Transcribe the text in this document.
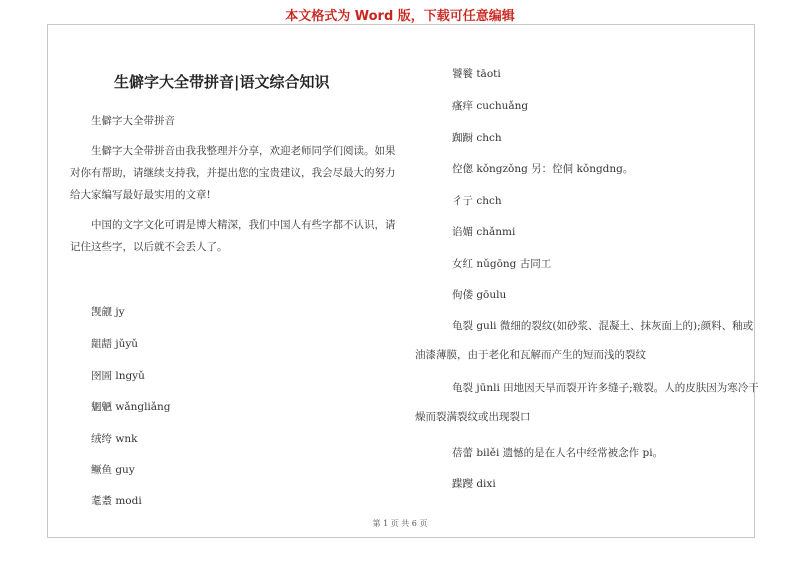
本文格式为 Word 版，下载可任意编辑
生僻字大全带拼音|语文综合知识

生僻字大全带拼音

生僻字大全带拼音由我我整理并分享，欢迎老师同学们阅读。如果对你有帮助，请继续支持我，并提出您的宝贵建议，我会尽最大的努力给大家编写最好最实用的文章!

中国的文字文化可谓是博大精深，我们中国人有些字都不认识，请记住这些字，以后就不会丢人了。

觊觎 jy
龃龉 jǔyǔ
囹圄 lngyǔ
魍魉 wǎngliǎng
绒绔 wnk
鳜鱼 guy
耄耋 modi
饕餮 tāoti
瘙痒 cuchuǎng
踟蹰 chch
倥偬 kǒngzǒng 另：倥侗 kǒngdng。
彳亍 chch
谄媚 chǎnmi
女红 nǔgōng 古同工
佝偻 gōulu
龟裂 guli 微细的裂纹(如砂浆、混凝土、抹灰面上的);颜料、釉或油漆薄膜，由于老化和瓦解而产生的短而浅的裂纹
龟裂 jūnli 田地因天旱而裂开许多缝子;皲裂。人的皮肤因为寒冷干燥而裂满裂纹或出现裂口
蓓蕾 bilěi 遗憾的是在人名中经常被念作 pi。
蹀躞 dixi
第 1 页 共 6 页
